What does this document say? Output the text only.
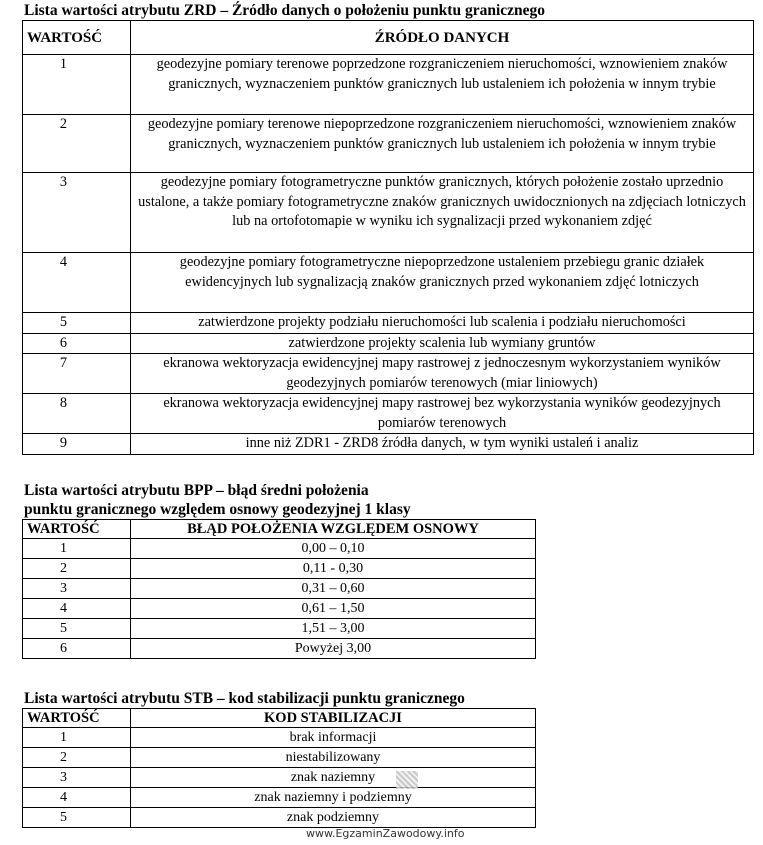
Lista wartości atrybutu ZRD – Źródło danych o położeniu punktu granicznego

WARTOŚĆ	ŹRÓDŁO DANYCH
1	geodezyjne pomiary terenowe poprzedzone rozgraniczeniem nieruchomości, wznowieniem znaków granicznych, wyznaczeniem punktów granicznych lub ustaleniem ich położenia w innym trybie
2	geodezyjne pomiary terenowe niepoprzedzone rozgraniczeniem nieruchomości, wznowieniem znaków granicznych, wyznaczeniem punktów granicznych lub ustaleniem ich położenia w innym trybie
3	geodezyjne pomiary fotogrametryczne punktów granicznych, których położenie zostało uprzednio ustalone, a także pomiary fotogrametryczne znaków granicznych uwidocznionych na zdjęciach lotniczych lub na ortofotomapie w wyniku ich sygnalizacji przed wykonaniem zdjęć
4	geodezyjne pomiary fotogrametryczne niepoprzedzone ustaleniem przebiegu granic działek ewidencyjnych lub sygnalizacją znaków granicznych przed wykonaniem zdjęć lotniczych
5	zatwierdzone projekty podziału nieruchomości lub scalenia i podziału nieruchomości
6	zatwierdzone projekty scalenia lub wymiany gruntów
7	ekranowa wektoryzacja ewidencyjnej mapy rastrowej z jednoczesnym wykorzystaniem wyników geodezyjnych pomiarów terenowych (miar liniowych)
8	ekranowa wektoryzacja ewidencyjnej mapy rastrowej bez wykorzystania wyników geodezyjnych pomiarów terenowych
9	inne niż ZDR1 - ZRD8 źródła danych, w tym wyniki ustaleń i analiz

Lista wartości atrybutu BPP – błąd średni położenia

punktu granicznego względem osnowy geodezyjnej 1 klasy

WARTOŚĆ	BŁĄD POŁOŻENIA WZGLĘDEM OSNOWY
1	0,00 – 0,10
2	0,11 - 0,30
3	0,31 – 0,60
4	0,61 – 1,50
5	1,51 – 3,00
6	Powyżej 3,00

Lista wartości atrybutu STB – kod stabilizacji punktu granicznego

WARTOŚĆ	KOD STABILIZACJI
1	brak informacji
2	niestabilizowany
3	znak naziemny
4	znak naziemny i podziemny
5	znak podziemny
www.EgzaminZawodowy.info
